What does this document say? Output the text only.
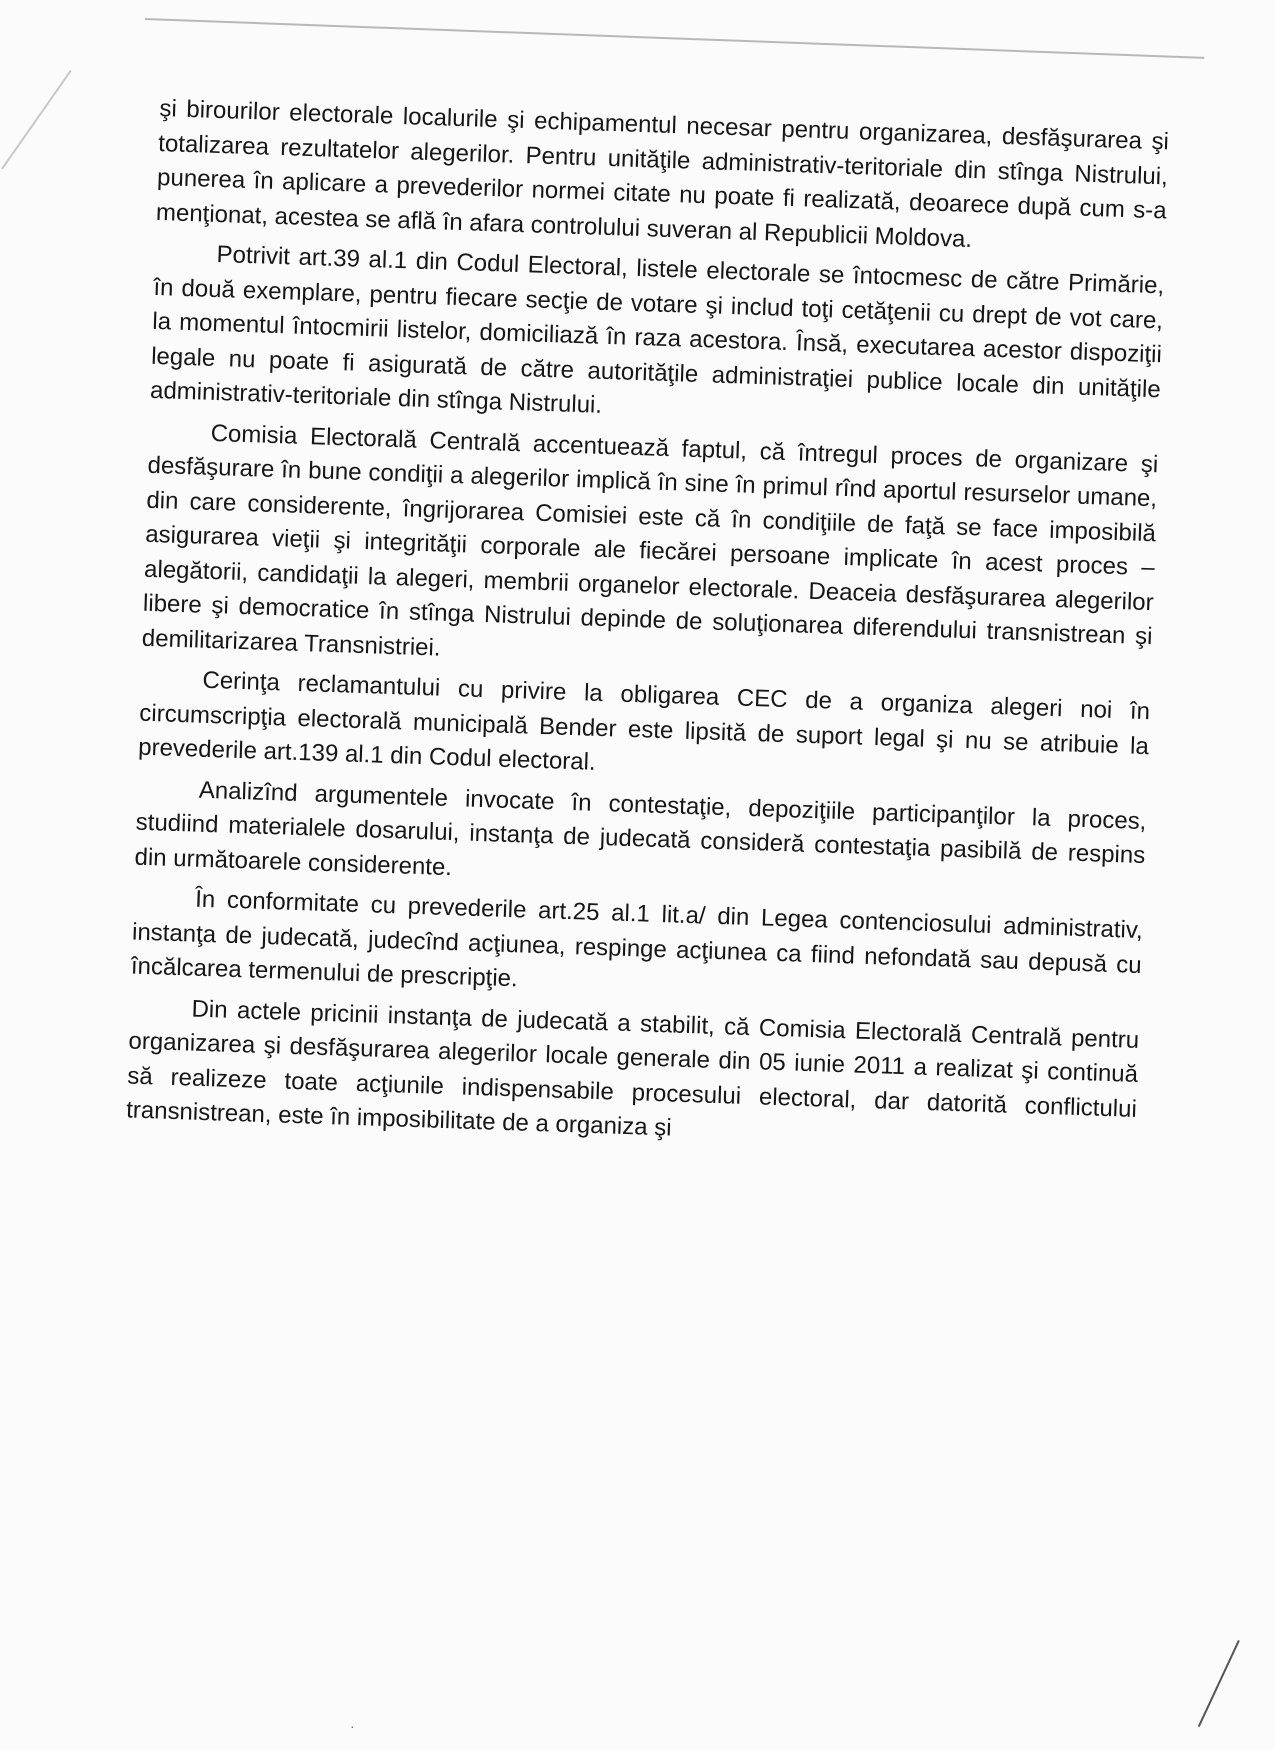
şi birourilor electorale localurile şi echipamentul necesar pentru organizarea, desfăşurarea şi totalizarea rezultatelor alegerilor. Pentru unităţile administrativ-teritoriale din stînga Nistrului, punerea în aplicare a prevederilor normei citate nu poate fi realizată, deoarece după cum s-a menţionat, acestea se află în afara controlului suveran al Republicii Moldova.

Potrivit art.39 al.1 din Codul Electoral, listele electorale se întocmesc de către Primărie, în două exemplare, pentru fiecare secţie de votare şi includ toţi cetăţenii cu drept de vot care, la momentul întocmirii listelor, domiciliază în raza acestora. Însă, executarea acestor dispoziţii legale nu poate fi asigurată de către autorităţile administraţiei publice locale din unităţile administrativ-teritoriale din stînga Nistrului.

Comisia Electorală Centrală accentuează faptul, că întregul proces de organizare şi desfăşurare în bune condiţii a alegerilor implică în sine în primul rînd aportul resurselor umane, din care considerente, îngrijorarea Comisiei este că în condiţiile de faţă se face imposibilă asigurarea vieţii şi integrităţii corporale ale fiecărei persoane implicate în acest proces – alegătorii, candidaţii la alegeri, membrii organelor electorale. Deaceia desfăşurarea alegerilor libere şi democratice în stînga Nistrului depinde de soluţionarea diferendului transnistrean şi demilitarizarea Transnistriei.

Cerinţa reclamantului cu privire la obligarea CEC de a organiza alegeri noi în circumscripţia electorală municipală Bender este lipsită de suport legal şi nu se atribuie la prevederile art.139 al.1 din Codul electoral.

Analizînd argumentele invocate în contestaţie, depoziţiile participanţilor la proces, studiind materialele dosarului, instanţa de judecată consideră contestaţia pasibilă de respins din următoarele considerente.

În conformitate cu prevederile art.25 al.1 lit.a/ din Legea contenciosului administrativ, instanţa de judecată, judecînd acţiunea, respinge acţiunea ca fiind nefondată sau depusă cu încălcarea termenului de prescripţie.

Din actele pricinii instanţa de judecată a stabilit, că Comisia Electorală Centrală pentru organizarea şi desfăşurarea alegerilor locale generale din 05 iunie 2011 a realizat şi continuă să realizeze toate acţiunile indispensabile procesului electoral, dar datorită conflictului transnistrean, este în imposibilitate de a organiza şi

·
